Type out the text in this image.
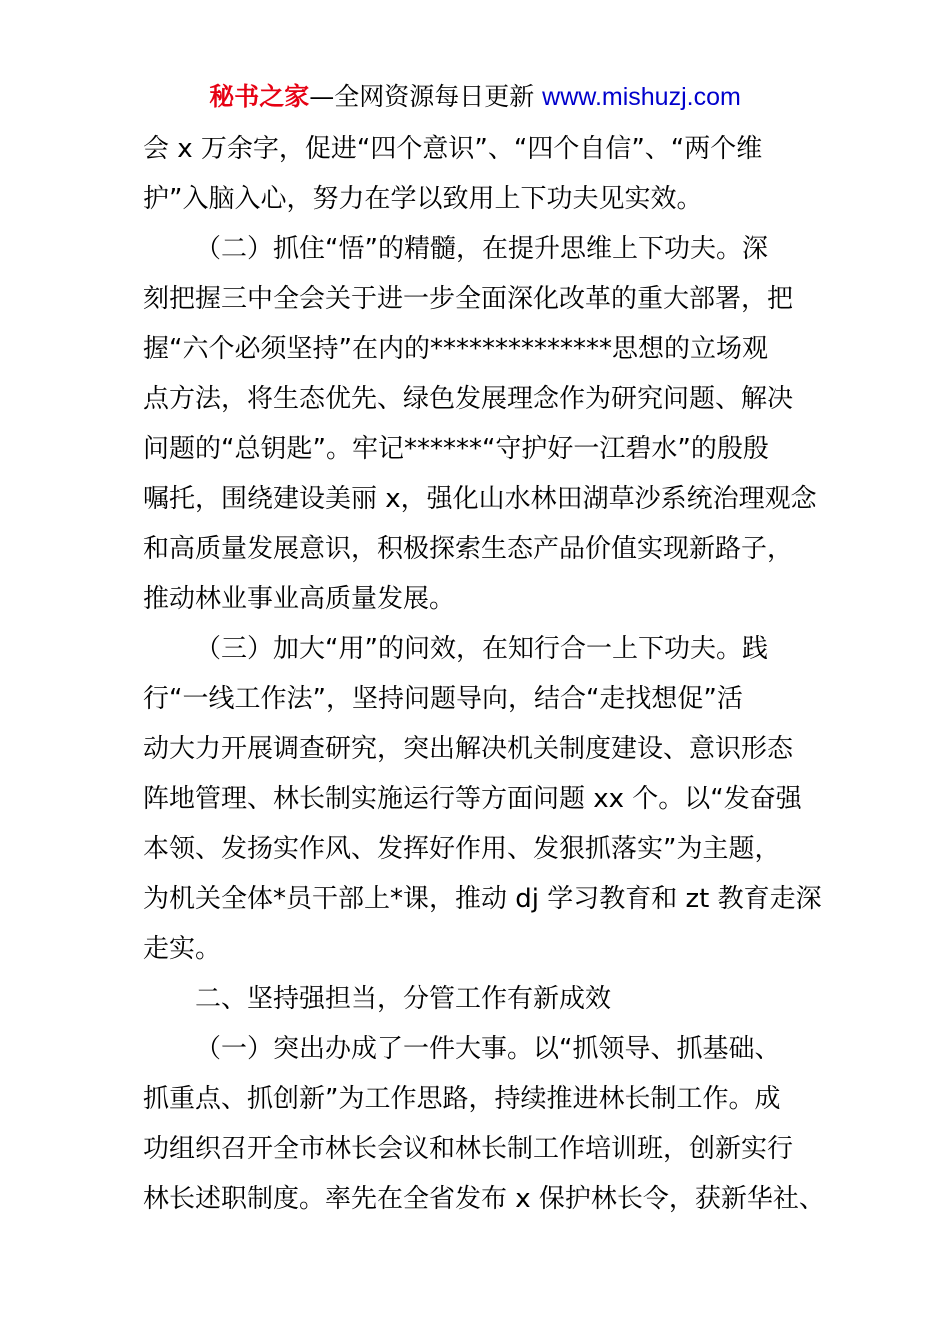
秘书之家—全网资源每日更新 www.mishuzj.com
会 x 万余字，促进“四个意识”、“四个自信”、“两个维
护”入脑入心，努力在学以致用上下功夫见实效。
（二）抓住“悟”的精髓，在提升思维上下功夫。深
刻把握三中全会关于进一步全面深化改革的重大部署，把
握“六个必须坚持”在内的**************思想的立场观
点方法，将生态优先、绿色发展理念作为研究问题、解决
问题的“总钥匙”。牢记******“守护好一江碧水”的殷殷
嘱托，围绕建设美丽 x，强化山水林田湖草沙系统治理观念
和高质量发展意识，积极探索生态产品价值实现新路子，
推动林业事业高质量发展。
（三）加大“用”的问效，在知行合一上下功夫。践
行“一线工作法”，坚持问题导向，结合“走找想促”活
动大力开展调查研究，突出解决机关制度建设、意识形态
阵地管理、林长制实施运行等方面问题 xx 个。以“发奋强
本领、发扬实作风、发挥好作用、发狠抓落实”为主题，
为机关全体*员干部上*课，推动 dj 学习教育和 zt 教育走深
走实。
二、坚持强担当，分管工作有新成效
（一）突出办成了一件大事。以“抓领导、抓基础、
抓重点、抓创新”为工作思路，持续推进林长制工作。成
功组织召开全市林长会议和林长制工作培训班，创新实行
林长述职制度。率先在全省发布 x 保护林长令，获新华社、
